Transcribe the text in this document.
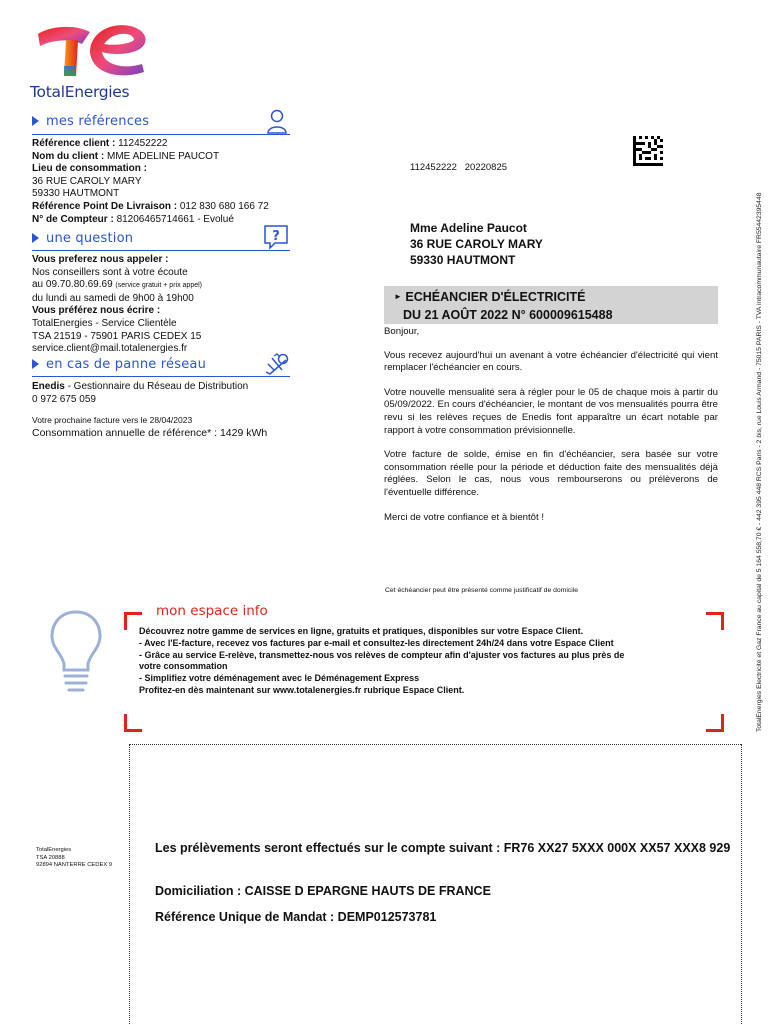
TotalEnergies
mes références
Référence client : 112452222
Nom du client : MME ADELINE PAUCOT
Lieu de consommation :
36 RUE CAROLY MARY
59330 HAUTMONT
Référence Point De Livraison : 012 830 680 166 72
N° de Compteur : 81206465714661 - Evolué
une question	?
Vous preferez nous appeler :
Nos conseillers sont à votre écoute
au 09.70.80.69.69 (service gratuit + prix appel)
du lundi au samedi de 9h00 à 19h00
Vous préférez nous écrire :
TotalEnergies - Service Clientèle
TSA 21519 - 75901 PARIS CEDEX 15
service.client@mail.totalenergies.fr
en cas de panne réseau
Enedis - Gestionnaire du Réseau de Distribution
0 972 675 059
Votre prochaine facture vers le 28/04/2023
Consommation annuelle de référence* : 1429 kWh
112452222   20220825
Mme Adeline Paucot
36 RUE CAROLY MARY
59330 HAUTMONT
► ECHÉANCIER D'ÉLECTRICITÉ
DU 21 AOÛT 2022 N° 600009615488
Bonjour,
Vous recevez aujourd'hui un avenant à votre échéancier d'électricité qui vient remplacer l'échéancier en cours.
Votre nouvelle mensualité sera à régler pour le 05 de chaque mois à partir du 05/09/2022. En cours d'échéancier, le montant de vos mensualités pourra être revu si les relèves reçues de Enedis font apparaître un écart notable par rapport à votre consommation prévisionnelle.
Votre facture de solde, émise en fin d'échéancier, sera basée sur votre consommation réelle pour la période et déduction faite des mensualités déjà réglées. Selon le cas, nous vous rembourserons ou prélèverons de l'éventuelle différence.
Merci de votre confiance et à bientôt !
Cet échéancier peut être présenté comme justificatif de domicile
mon espace info
Découvrez notre gamme de services en ligne, gratuits et pratiques, disponibles sur votre Espace Client.
- Avec l'E-facture, recevez vos factures par e-mail et consultez-les directement 24h/24 dans votre Espace Client
- Grâce au service E-relève, transmettez-nous vos relèves de compteur afin d'ajuster vos factures au plus près de
votre consommation
- Simplifiez votre déménagement avec le Déménagement Express
Profitez-en dès maintenant sur www.totalenergies.fr rubrique Espace Client.
TotalEnergies
TSA 20888
92894 NANTERRE CEDEX 9
Les prélèvements seront effectués sur le compte suivant : FR76 XX27 5XXX 000X XX57 XXX8 929
Domiciliation : CAISSE D EPARGNE HAUTS DE FRANCE
Référence Unique de Mandat : DEMP012573781
TotalEnergies Electricité et Gaz France au capital de 5 164 558,70 € - 442 395 448 RCS Paris - 2 bis, rue Louis Armand - 75015 PARIS - TVA intracommunautaire FR55442395448
